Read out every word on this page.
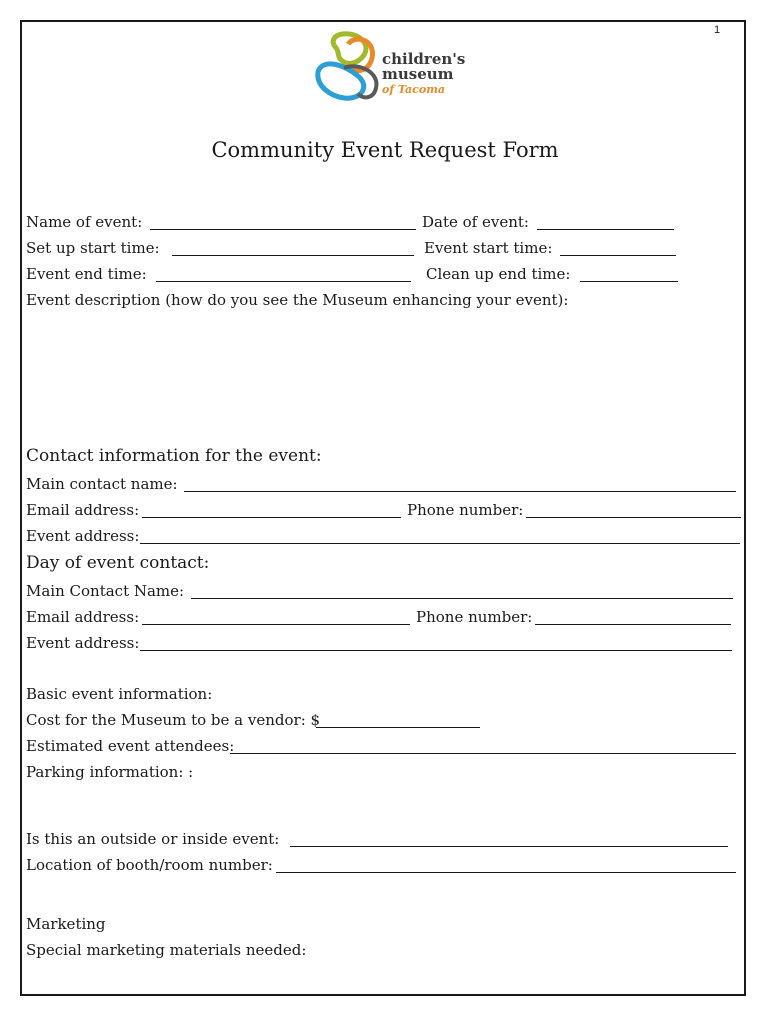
1
children's
museum
of Tacoma
Community Event Request Form
Name of event:	Date of event:
Set up start time:	Event start time:
Event end time:	Clean up end time:
Event description (how do you see the Museum enhancing your event):
Contact information for the event:
Main contact name:
Email address:	Phone number:
Event address:
Day of event contact:
Main Contact Name:
Email address:	Phone number:
Event address:
Basic event information:
Cost for the Museum to be a vendor: $
Estimated event attendees:
Parking information: :
Is this an outside or inside event:
Location of booth/room number:
Marketing
Special marketing materials needed:
